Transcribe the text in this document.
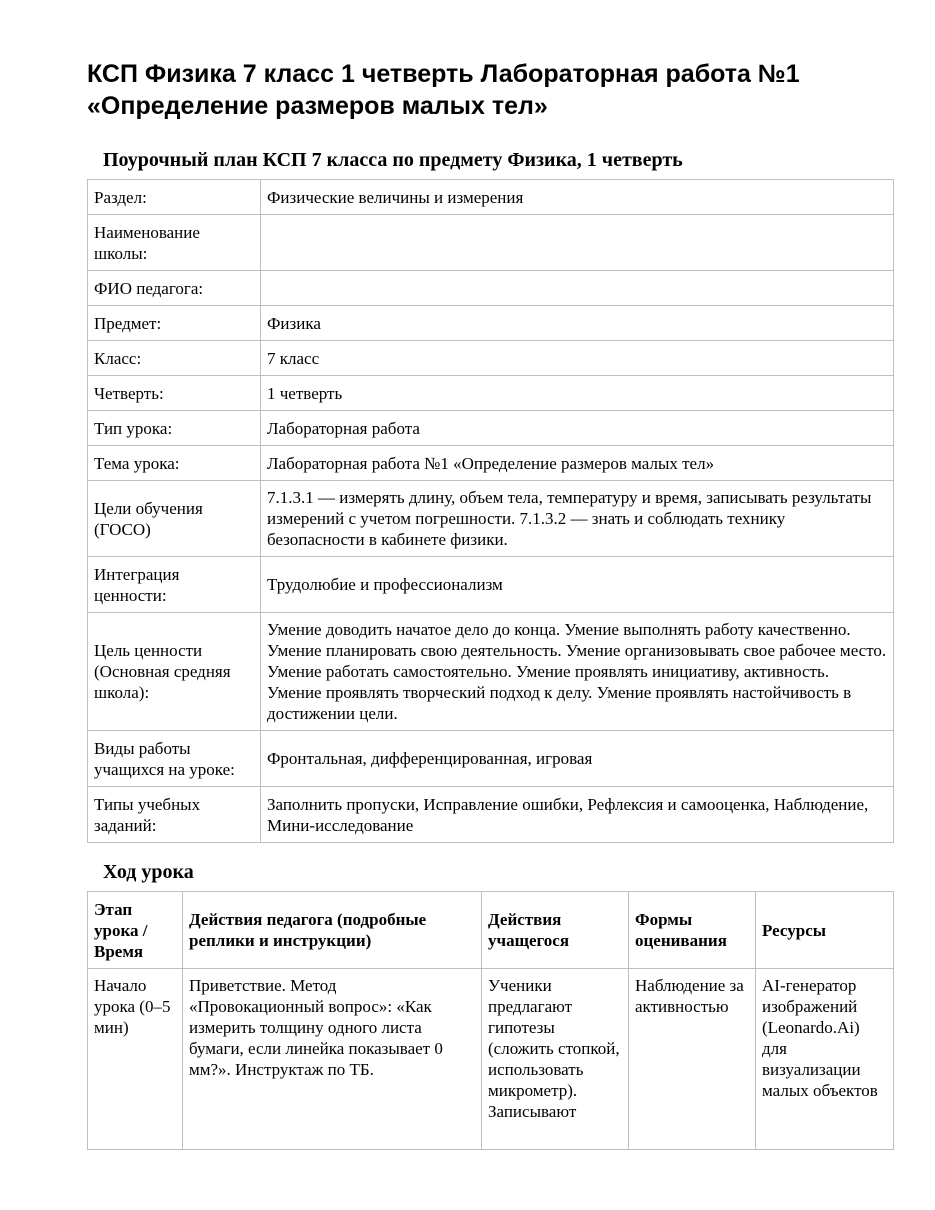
КСП Физика 7 класс 1 четверть Лабораторная работа №1 «Определение размеров малых тел»
Поурочный план КСП 7 класса по предмету Физика, 1 четверть
Раздел:	Физические величины и измерения
Наименование школы:	
ФИО педагога:	
Предмет:	Физика
Класс:	7 класс
Четверть:	1 четверть
Тип урока:	Лабораторная работа
Тема урока:	Лабораторная работа №1 «Определение размеров малых тел»
Цели обучения (ГОСО)	7.1.3.1 — измерять длину, объем тела, температуру и время, записывать результаты измерений с учетом погрешности. 7.1.3.2 — знать и соблюдать технику безопасности в кабинете физики.
Интеграция ценности:	Трудолюбие и профессионализм
Цель ценности (Основная средняя школа):	Умение доводить начатое дело до конца. Умение выполнять работу качественно. Умение планировать свою деятельность. Умение организовывать свое рабочее место. Умение работать самостоятельно. Умение проявлять инициативу, активность. Умение проявлять творческий подход к делу. Умение проявлять настойчивость в достижении цели.
Виды работы учащихся на уроке:	Фронтальная, дифференцированная, игровая
Типы учебных заданий:	Заполнить пропуски, Исправление ошибки, Рефлексия и самооценка, Наблюдение, Мини-исследование
Ход урока
Этап урока / Время	Действия педагога (подробные реплики и инструкции)	Действия учащегося	Формы оценивания	Ресурсы
Начало урока (0–5 мин)	Приветствие. Метод «Провокационный вопрос»: «Как измерить толщину одного листа бумаги, если линейка показывает 0 мм?». Инструктаж по ТБ.	Ученики предлагают гипотезы (сложить стопкой, использовать микрометр). Записывают	Наблюдение за активностью	AI-генератор изображений (Leonardo.Ai) для визуализации малых объектов
